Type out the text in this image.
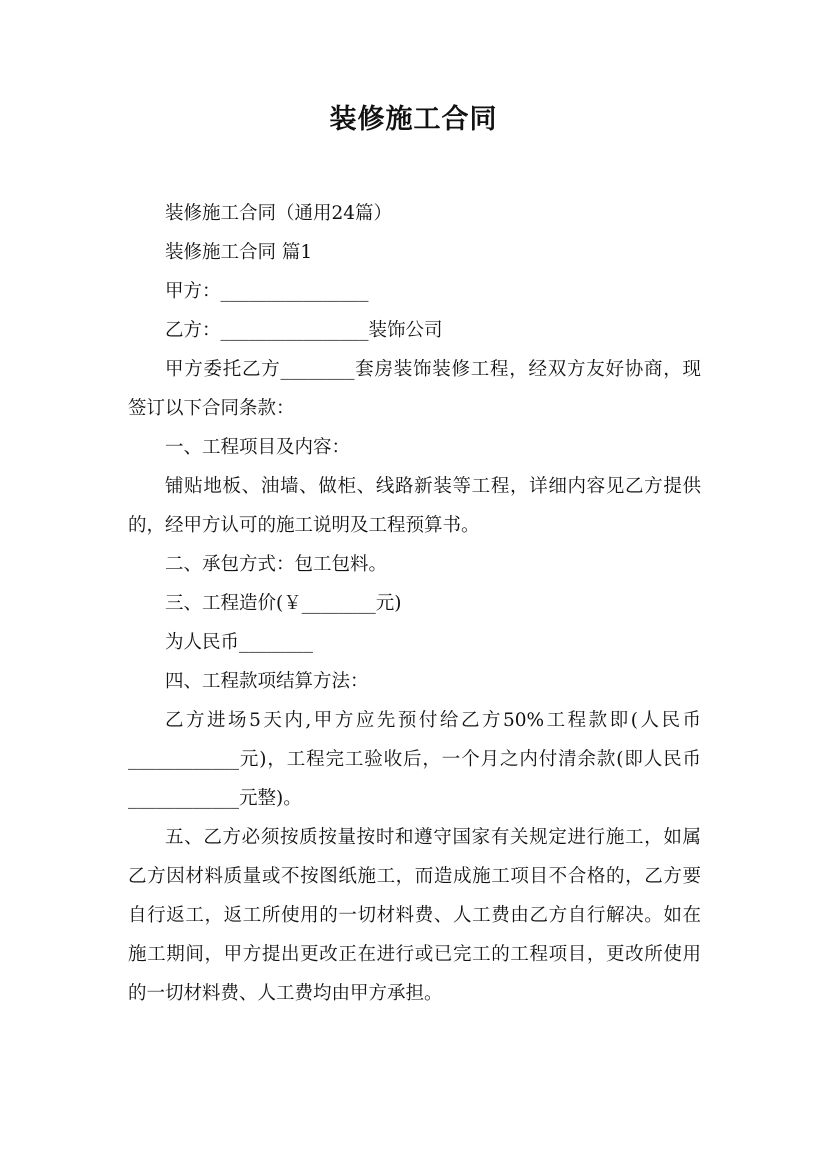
装修施工合同

装修施工合同（通用24篇）

装修施工合同 篇1

甲方：________________

乙方：________________装饰公司

甲方委托乙方________套房装饰装修工程，经双方友好协商，现签订以下合同条款：

一、工程项目及内容：

铺贴地板、油墙、做柜、线路新装等工程，详细内容见乙方提供的，经甲方认可的施工说明及工程预算书。

二、承包方式：包工包料。

三、工程造价(￥________元)

为人民币________

四、工程款项结算方法：

乙方进场5天内,甲方应先预付给乙方50%工程款即(人民币____________元)，工程完工验收后，一个月之内付清余款(即人民币____________元整)。

五、乙方必须按质按量按时和遵守国家有关规定进行施工，如属乙方因材料质量或不按图纸施工，而造成施工项目不合格的，乙方要自行返工，返工所使用的一切材料费、人工费由乙方自行解决。如在施工期间，甲方提出更改正在进行或已完工的工程项目，更改所使用的一切材料费、人工费均由甲方承担。
